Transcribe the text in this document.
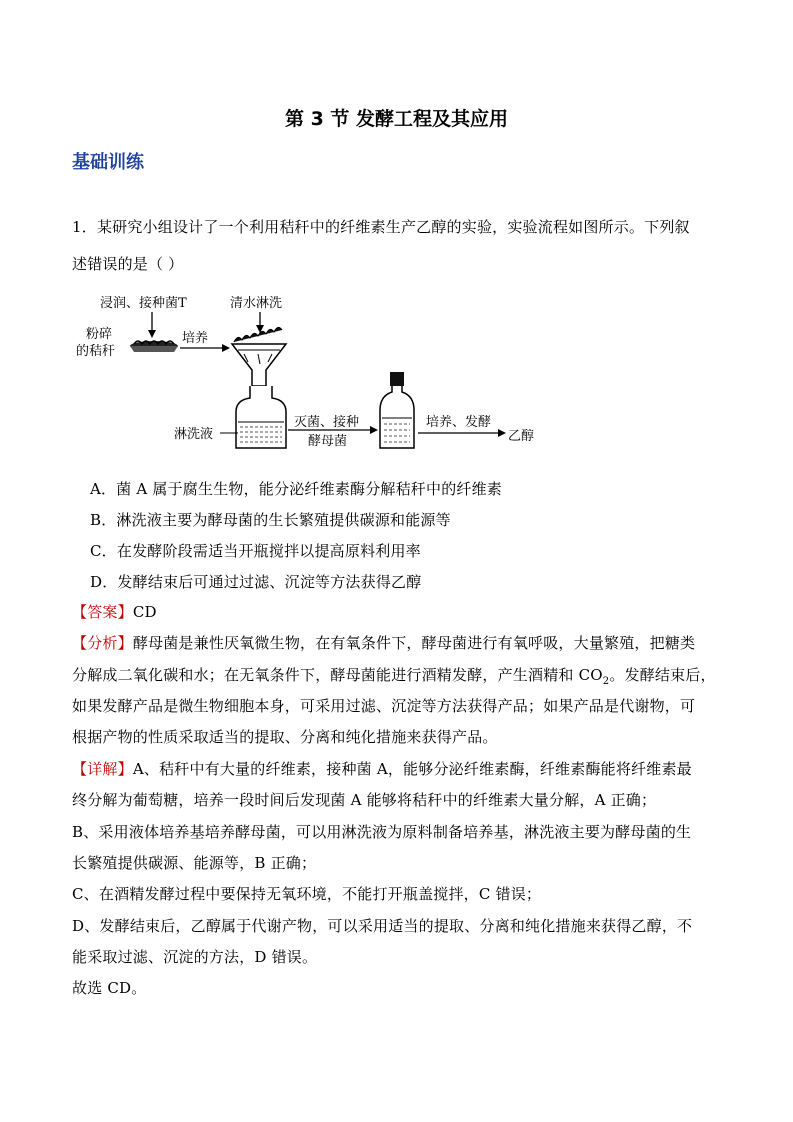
第 3 节 发酵工程及其应用
基础训练
1．某研究小组设计了一个利用秸秆中的纤维素生产乙醇的实验，实验流程如图所示。下列叙
述错误的是（ ）
浸润、接种菌T	清水淋洗
粉碎
的秸秆
培养
淋洗液
灭菌、接种
酵母菌
培养、发酵
乙醇
A．菌 A 属于腐生生物，能分泌纤维素酶分解秸秆中的纤维素
B．淋洗液主要为酵母菌的生长繁殖提供碳源和能源等
C．在发酵阶段需适当开瓶搅拌以提高原料利用率
D．发酵结束后可通过过滤、沉淀等方法获得乙醇
【答案】CD
【分析】酵母菌是兼性厌氧微生物，在有氧条件下，酵母菌进行有氧呼吸，大量繁殖，把糖类
分解成二氧化碳和水；在无氧条件下，酵母菌能进行酒精发酵，产生酒精和 $CO_2$。发酵结束后，
如果发酵产品是微生物细胞本身，可采用过滤、沉淀等方法获得产品；如果产品是代谢物，可
根据产物的性质采取适当的提取、分离和纯化措施来获得产品。
【详解】A、秸秆中有大量的纤维素，接种菌 A，能够分泌纤维素酶，纤维素酶能将纤维素最
终分解为葡萄糖，培养一段时间后发现菌 A 能够将秸秆中的纤维素大量分解，A 正确；
B、采用液体培养基培养酵母菌，可以用淋洗液为原料制备培养基，淋洗液主要为酵母菌的生
长繁殖提供碳源、能源等，B 正确；
C、在酒精发酵过程中要保持无氧环境，不能打开瓶盖搅拌，C 错误；
D、发酵结束后，乙醇属于代谢产物，可以采用适当的提取、分离和纯化措施来获得乙醇，不
能采取过滤、沉淀的方法，D 错误。
故选 CD。
